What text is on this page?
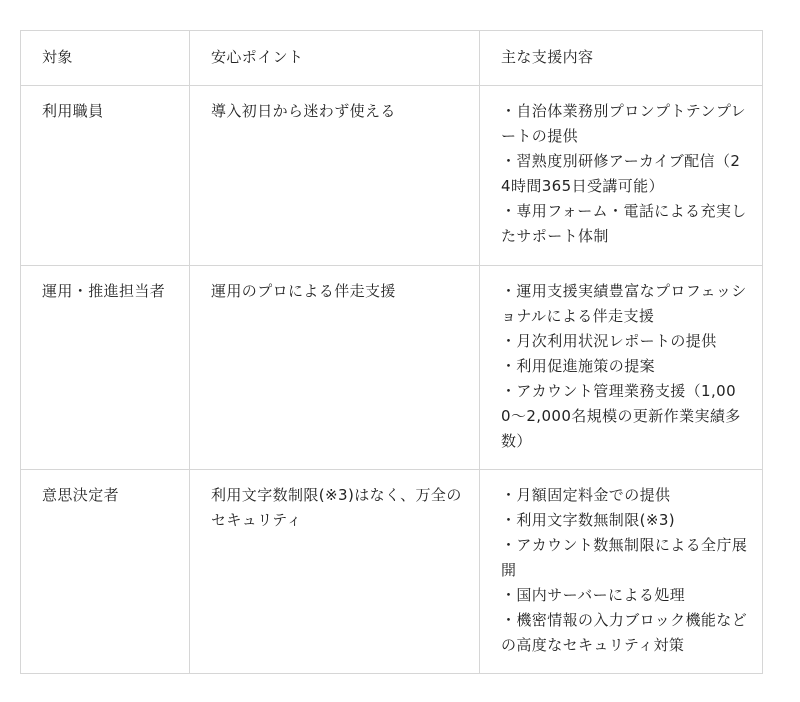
対象	安心ポイント	主な支援内容
利用職員	導入初日から迷わず使える	・自治体業務別プロンプトテンプレートの提供
・習熟度別研修アーカイブ配信（24時間365日受講可能）
・専用フォーム・電話による充実したサポート体制

運用・推進担当者	運用のプロによる伴走支援	・運用支援実績豊富なプロフェッショナルによる伴走支援
・月次利用状況レポートの提供
・利用促進施策の提案
・アカウント管理業務支援（1,000〜2,000名規模の更新作業実績多数）

意思決定者	利用文字数制限(※3)はなく、万全のセキュリティ	・月額固定料金での提供
・利用文字数無制限(※3)
・アカウント数無制限による全庁展開
・国内サーバーによる処理
・機密情報の入力ブロック機能などの高度なセキュリティ対策
